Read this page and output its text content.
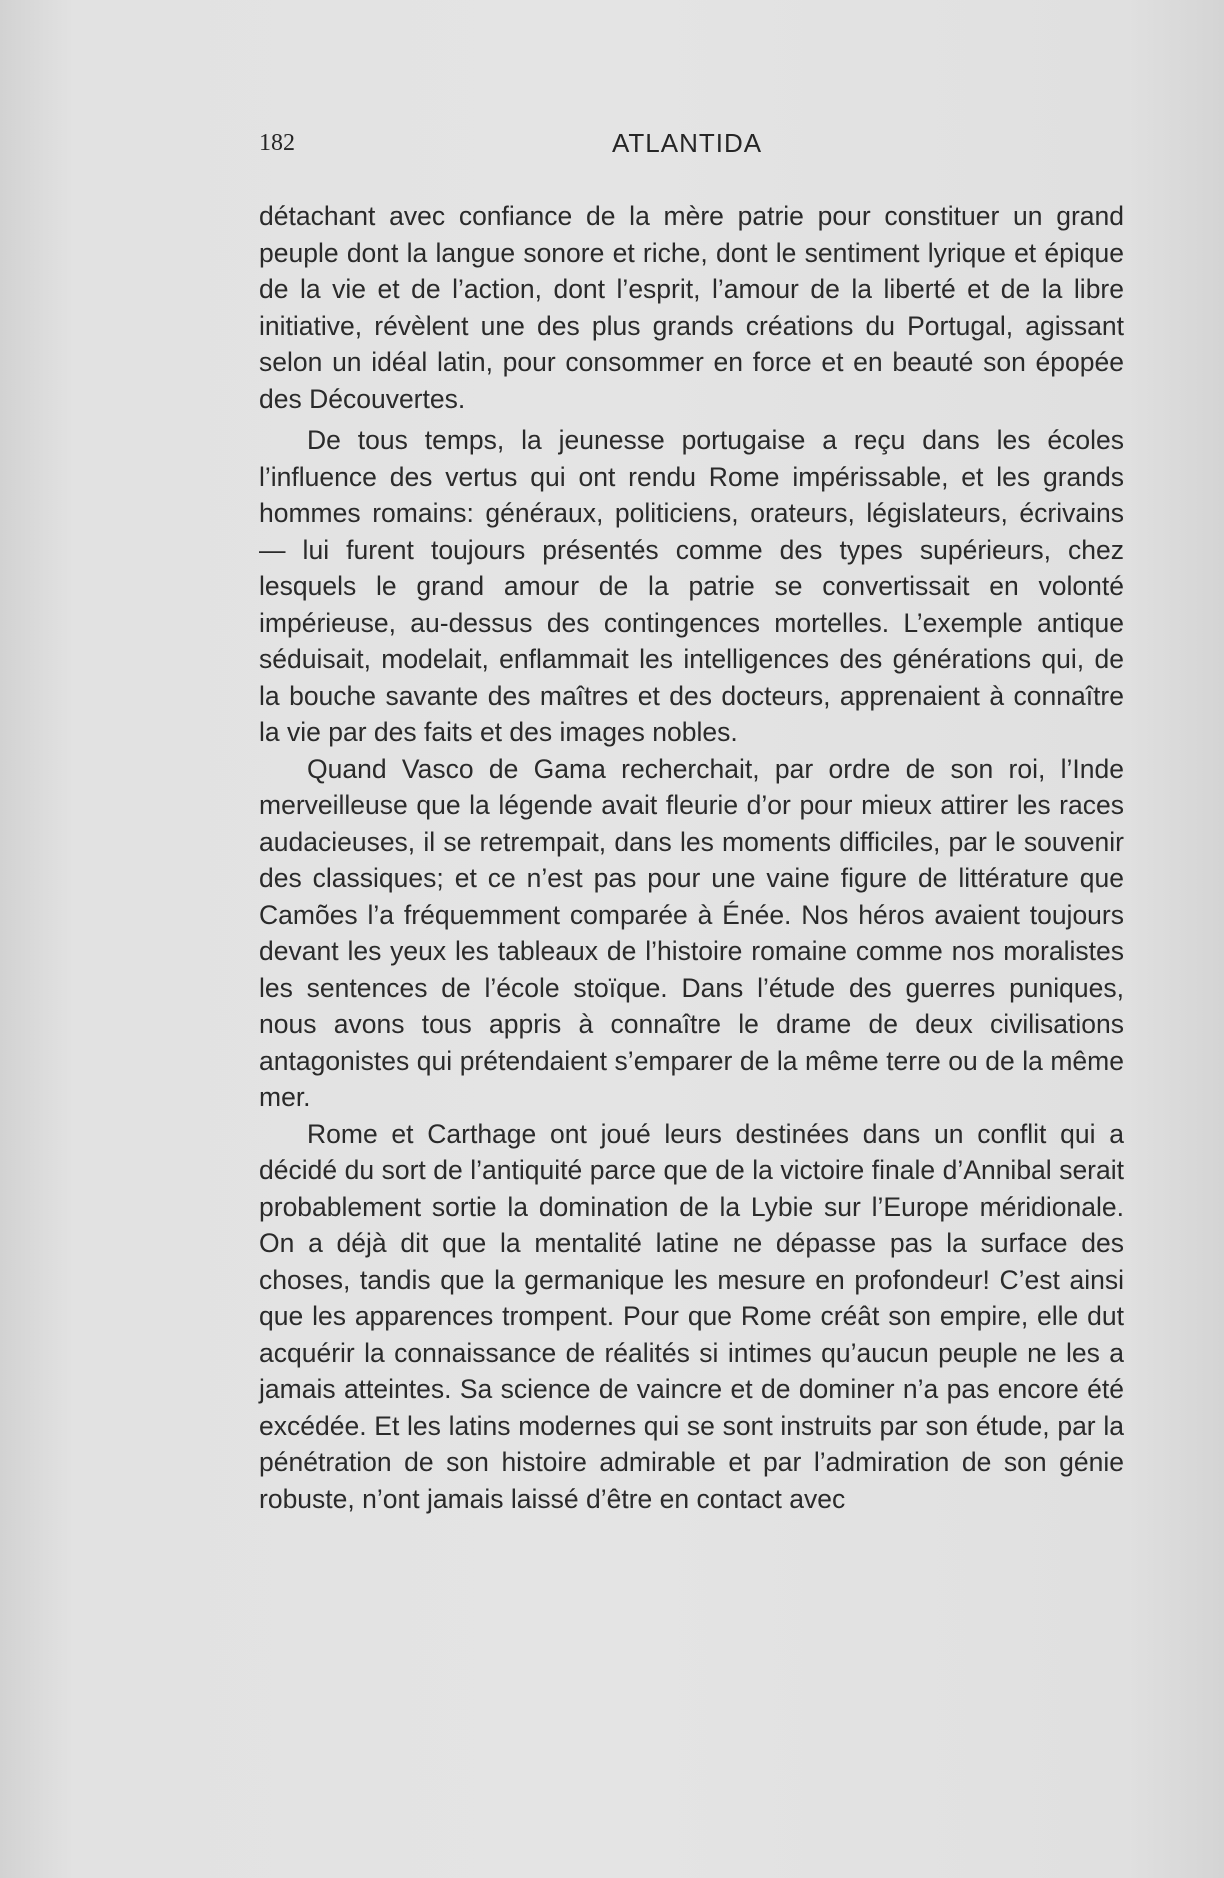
182	ATLANTIDA

détachant avec confiance de la mère patrie pour constituer un grand peuple dont la langue sonore et riche, dont le sentiment lyrique et épique de la vie et de l’action, dont l’esprit, l’amour de la liberté et de la libre initiative, révèlent une des plus grands créations du Portugal, agissant selon un idéal latin, pour consommer en force et en beauté son épopée des Découvertes.

De tous temps, la jeunesse portugaise a reçu dans les écoles l’influence des vertus qui ont rendu Rome impérissable, et les grands hommes romains: généraux, politiciens, orateurs, législateurs, écrivains — lui furent toujours présentés comme des types supérieurs, chez lesquels le grand amour de la patrie se convertissait en volonté impérieuse, au-dessus des contingences mortelles. L’exemple antique séduisait, modelait, enflammait les intelligences des générations qui, de la bouche savante des maîtres et des docteurs, apprenaient à connaître la vie par des faits et des images nobles.

Quand Vasco de Gama recherchait, par ordre de son roi, l’Inde merveilleuse que la légende avait fleurie d’or pour mieux attirer les races audacieuses, il se retrempait, dans les moments difficiles, par le souvenir des classiques; et ce n’est pas pour une vaine figure de littérature que Camões l’a fréquemment comparée à Énée. Nos héros avaient toujours devant les yeux les tableaux de l’histoire romaine comme nos moralistes les sentences de l’école stoïque. Dans l’étude des guerres puniques, nous avons tous appris à connaître le drame de deux civilisations antagonistes qui prétendaient s’emparer de la même terre ou de la même mer.

Rome et Carthage ont joué leurs destinées dans un conflit qui a décidé du sort de l’antiquité parce que de la victoire finale d’Annibal serait probablement sortie la domination de la Lybie sur l’Europe méridionale. On a déjà dit que la mentalité latine ne dépasse pas la surface des choses, tandis que la germanique les mesure en profondeur! C’est ainsi que les apparences trompent. Pour que Rome créât son empire, elle dut acquérir la connaissance de réalités si intimes qu’aucun peuple ne les a jamais atteintes. Sa science de vaincre et de dominer n’a pas encore été excédée. Et les latins modernes qui se sont instruits par son étude, par la pénétration de son histoire admirable et par l’admiration de son génie robuste, n’ont jamais laissé d’être en contact avec
